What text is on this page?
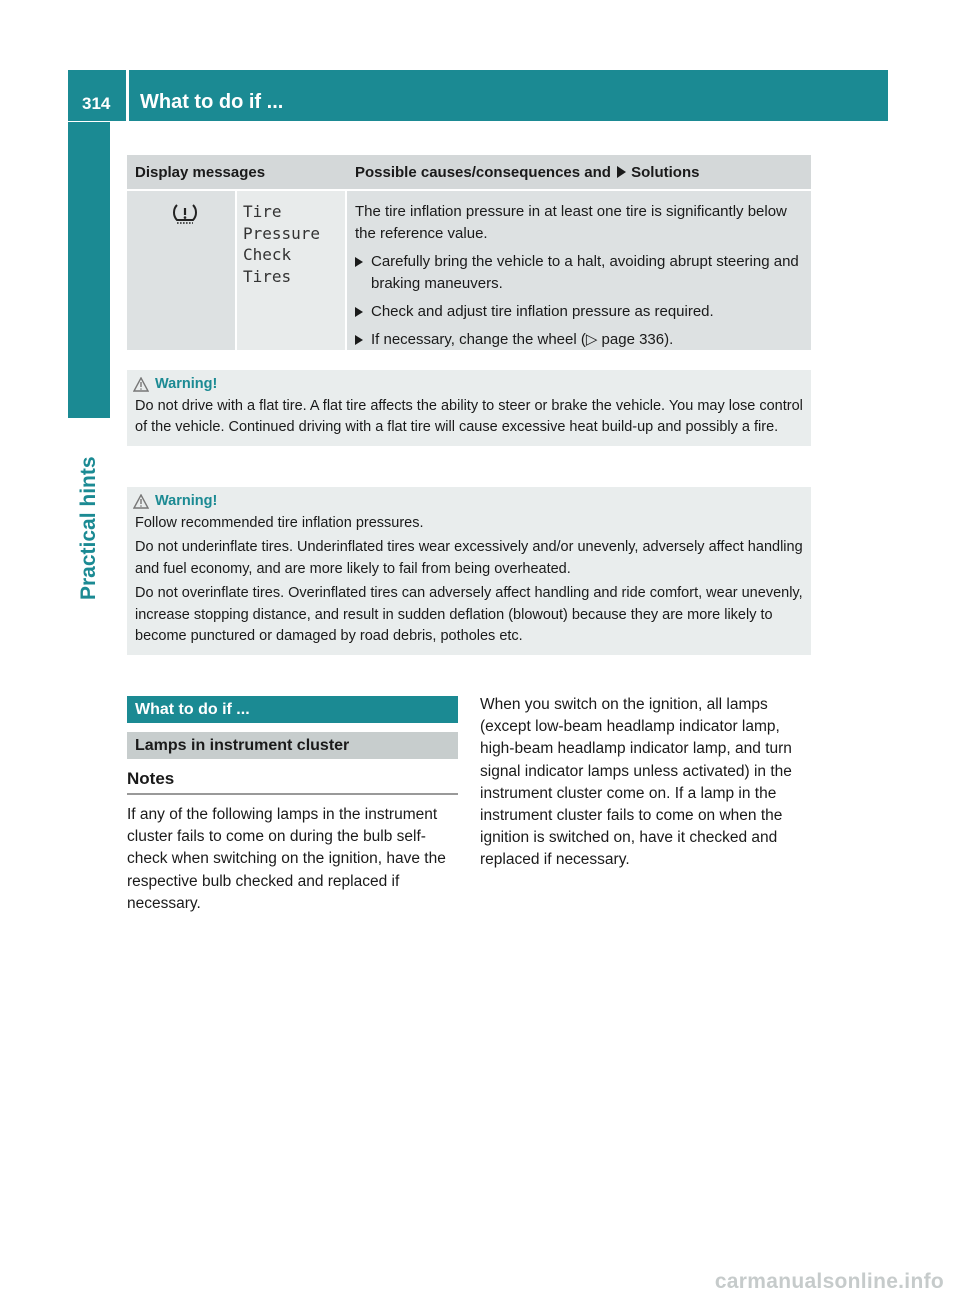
314 What to do if ...
Practical hints
Display messages	Possible causes/consequences and Solutions
Tire
Pressure
Check
Tires

The tire inflation pressure in at least one tire is significantly below the reference value.

Carefully bring the vehicle to a halt, avoiding abrupt steering and braking maneuvers.
Check and adjust tire inflation pressure as required.
If necessary, change the wheel (▷ page 336).
Warning!

Do not drive with a flat tire. A flat tire affects the ability to steer or brake the vehicle. You may lose control of the vehicle. Continued driving with a flat tire will cause excessive heat build-up and possibly a fire.

Warning!

Follow recommended tire inflation pressures.

Do not underinflate tires. Underinflated tires wear excessively and/or unevenly, adversely affect handling and fuel economy, and are more likely to fail from being overheated.

Do not overinflate tires. Overinflated tires can adversely affect handling and ride comfort, wear unevenly, increase stopping distance, and result in sudden deflation (blowout) because they are more likely to become punctured or damaged by road debris, potholes etc.

What to do if ...
Lamps in instrument cluster
Notes
If any of the following lamps in the instrument cluster fails to come on during the bulb self-check when switching on the ignition, have the respective bulb checked and replaced if necessary.
When you switch on the ignition, all lamps (except low-beam headlamp indicator lamp, high-beam headlamp indicator lamp, and turn signal indicator lamps unless activated) in the instrument cluster come on. If a lamp in the instrument cluster fails to come on when the ignition is switched on, have it checked and replaced if necessary.
carmanualsonline.info
